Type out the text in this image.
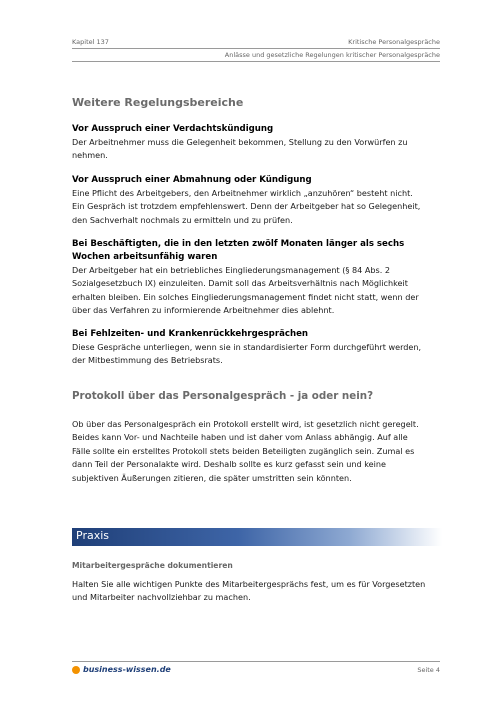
Kapitel 137	Kritische Personalgespräche
Anlässe und gesetzliche Regelungen kritischer Personalgespräche
Weitere Regelungsbereiche
Vor Ausspruch einer Verdachtskündigung
Der Arbeitnehmer muss die Gelegenheit bekommen, Stellung zu den Vorwürfen zu
nehmen.
Vor Ausspruch einer Abmahnung oder Kündigung
Eine Pflicht des Arbeitgebers, den Arbeitnehmer wirklich „anzuhören“ besteht nicht.
Ein Gespräch ist trotzdem empfehlenswert. Denn der Arbeitgeber hat so Gelegenheit,
den Sachverhalt nochmals zu ermitteln und zu prüfen.
Bei Beschäftigten, die in den letzten zwölf Monaten länger als sechs Wochen arbeitsunfähig waren
Der Arbeitgeber hat ein betriebliches Eingliederungsmanagement (§ 84 Abs. 2
Sozialgesetzbuch IX) einzuleiten. Damit soll das Arbeitsverhältnis nach Möglichkeit
erhalten bleiben. Ein solches Eingliederungsmanagement findet nicht statt, wenn der
über das Verfahren zu informierende Arbeitnehmer dies ablehnt.
Bei Fehlzeiten- und Krankenrückkehrgesprächen
Diese Gespräche unterliegen, wenn sie in standardisierter Form durchgeführt werden,
der Mitbestimmung des Betriebsrats.
Protokoll über das Personalgespräch - ja oder nein?
Ob über das Personalgespräch ein Protokoll erstellt wird, ist gesetzlich nicht geregelt.
Beides kann Vor- und Nachteile haben und ist daher vom Anlass abhängig. Auf alle
Fälle sollte ein erstelltes Protokoll stets beiden Beteiligten zugänglich sein. Zumal es
dann Teil der Personalakte wird. Deshalb sollte es kurz gefasst sein und keine
subjektiven Äußerungen zitieren, die später umstritten sein könnten.
Praxis
Mitarbeitergespräche dokumentieren
Halten Sie alle wichtigen Punkte des Mitarbeitergesprächs fest, um es für Vorgesetzten
und Mitarbeiter nachvollziehbar zu machen.
business-wissen.de	Seite 4
